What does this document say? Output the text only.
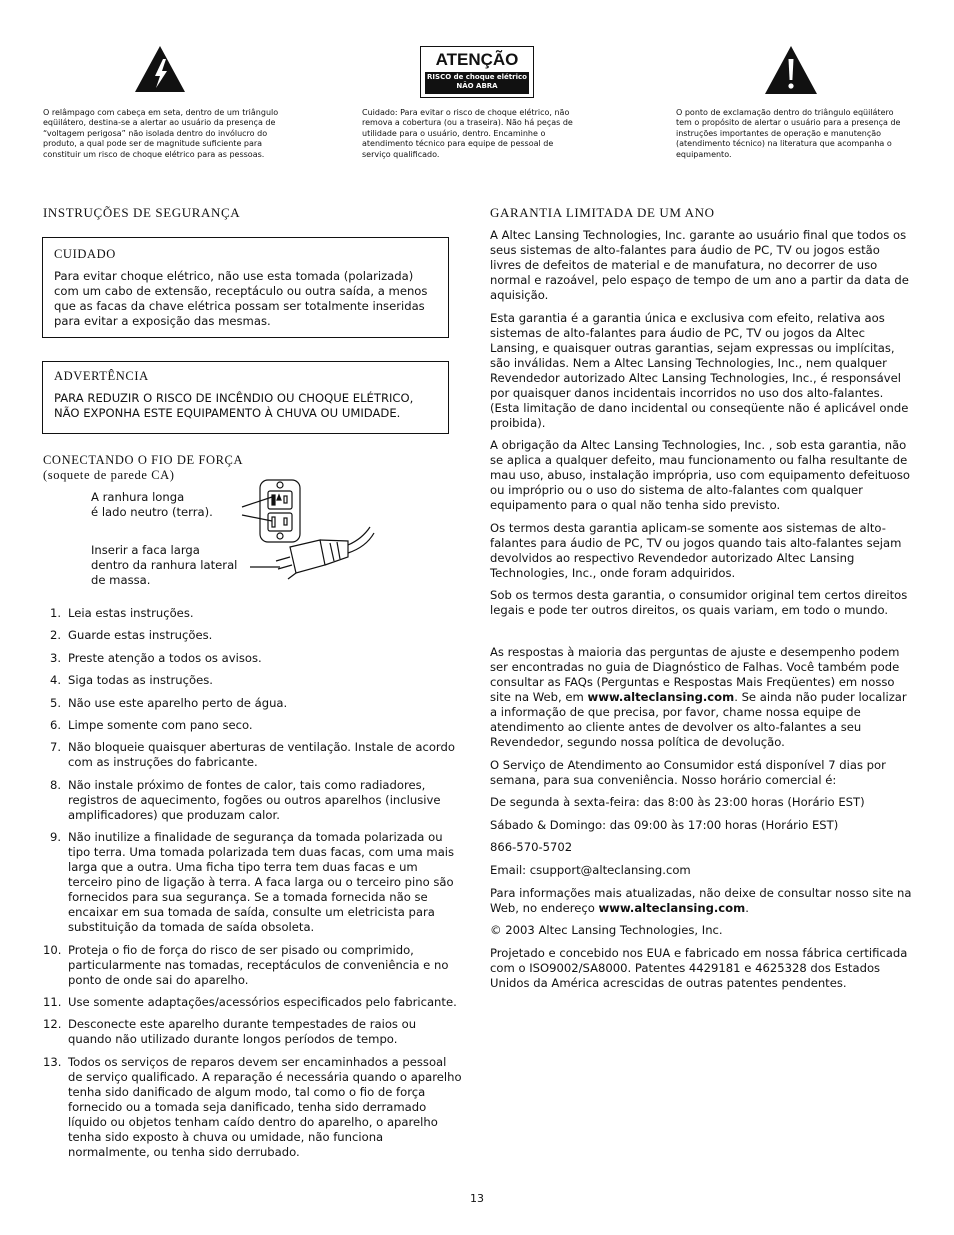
O relâmpago com cabeça em seta, dentro de um triângulo eqüilátero, destina-se a alertar ao usuário da presença de “voltagem perigosa” não isolada dentro do invólucro do produto, a qual pode ser de magnitude suficiente para constituir um risco de choque elétrico para as pessoas.
ATENÇÃO
RISCO de choque elétrico
NÃO ABRA
Cuidado: Para evitar o risco de choque elétrico, não remova a cobertura (ou a traseira). Não há peças de utilidade para o usuário, dentro. Encaminhe o atendimento técnico para equipe de pessoal de serviço qualificado.
O ponto de exclamação dentro do triângulo eqüilátero tem o propósito de alertar o usuário para a presença de instruções importantes de operação e manutenção (atendimento técnico) na literatura que acompanha o equipamento.
INSTRUÇÕES DE SEGURANÇA
CUIDADO
Para evitar choque elétrico, não use esta tomada (polarizada) com um cabo de extensão, receptáculo ou outra saída, a menos que as facas da chave elétrica possam ser totalmente inseridas para evitar a exposição das mesmas.
ADVERTÊNCIA
PARA REDUZIR O RISCO DE INCÊNDIO OU CHOQUE ELÉTRICO, NÃO EXPONHA ESTE EQUIPAMENTO À CHUVA OU UMIDADE.
CONECTANDO O FIO DE FORÇA
(soquete de parede CA)
A ranhura longa
é lado neutro (terra).
Inserir a faca larga
dentro da ranhura lateral
de massa.
1. Leia estas instruções.
2. Guarde estas instruções.
3. Preste atenção a todos os avisos.
4. Siga todas as instruções.
5. Não use este aparelho perto de água.
6. Limpe somente com pano seco.
7. Não bloqueie quaisquer aberturas de ventilação. Instale de acordo com as instruções do fabricante.
8. Não instale próximo de fontes de calor, tais como radiadores, registros de aquecimento, fogões ou outros aparelhos (inclusive amplificadores) que produzam calor.
9. Não inutilize a finalidade de segurança da tomada polarizada ou tipo terra. Uma tomada polarizada tem duas facas, com uma mais larga que a outra. Uma ficha tipo terra tem duas facas e um terceiro pino de ligação à terra. A faca larga ou o terceiro pino são fornecidos para sua segurança. Se a tomada fornecida não se encaixar em sua tomada de saída, consulte um eletricista para substituição da tomada de saída obsoleta.
10. Proteja o fio de força do risco de ser pisado ou comprimido, particularmente nas tomadas, receptáculos de conveniência e no ponto de onde sai do aparelho.
11. Use somente adaptações/acessórios especificados pelo fabricante.
12. Desconecte este aparelho durante tempestades de raios ou quando não utilizado durante longos períodos de tempo.
13. Todos os serviços de reparos devem ser encaminhados a pessoal de serviço qualificado. A reparação é necessária quando o aparelho tenha sido danificado de algum modo, tal como o fio de força fornecido ou a tomada seja danificado, tenha sido derramado líquido ou objetos tenham caído dentro do aparelho, o aparelho tenha sido exposto à chuva ou umidade, não funciona normalmente, ou tenha sido derrubado.
GARANTIA LIMITADA DE UM ANO

A Altec Lansing Technologies, Inc. garante ao usuário final que todos os seus sistemas de alto-falantes para áudio de PC, TV ou jogos estão livres de defeitos de material e de manufatura, no decorrer de uso normal e razoável, pelo espaço de tempo de um ano a partir da data de aquisição.

Esta garantia é a garantia única e exclusiva com efeito, relativa aos sistemas de alto-falantes para áudio de PC, TV ou jogos da Altec Lansing, e quaisquer outras garantias, sejam expressas ou implícitas, são inválidas. Nem a Altec Lansing Technologies, Inc., nem qualquer Revendedor autorizado Altec Lansing Technologies, Inc., é responsável por quaisquer danos incidentais incorridos no uso dos alto-falantes. (Esta limitação de dano incidental ou conseqüente não é aplicável onde proibida).

A obrigação da Altec Lansing Technologies, Inc. , sob esta garantia, não se aplica a qualquer defeito, mau funcionamento ou falha resultante de mau uso, abuso, instalação imprópria, uso com equipamento defeituoso ou impróprio ou o uso do sistema de alto-falantes com qualquer equipamento para o qual não tenha sido previsto.

Os termos desta garantia aplicam-se somente aos sistemas de alto-falantes para áudio de PC, TV ou jogos quando tais alto-falantes sejam devolvidos ao respectivo Revendedor autorizado Altec Lansing Technologies, Inc., onde foram adquiridos.

Sob os termos desta garantia, o consumidor original tem certos direitos legais e pode ter outros direitos, os quais variam, em todo o mundo.

As respostas à maioria das perguntas de ajuste e desempenho podem ser encontradas no guia de Diagnóstico de Falhas. Você também pode consultar as FAQs (Perguntas e Respostas Mais Freqüentes) em nosso site na Web, em www.alteclansing.com. Se ainda não puder localizar a informação de que precisa, por favor, chame nossa equipe de atendimento ao cliente antes de devolver os alto-falantes a seu Revendedor, segundo nossa política de devolução.

O Serviço de Atendimento ao Consumidor está disponível 7 dias por semana, para sua conveniência. Nosso horário comercial é:

De segunda à sexta-feira: das 8:00 às 23:00 horas (Horário EST)

Sábado & Domingo: das 09:00 às 17:00 horas (Horário EST)

866-570-5702

Email: csupport@alteclansing.com

Para informações mais atualizadas, não deixe de consultar nosso site na Web, no endereço www.alteclansing.com.

© 2003 Altec Lansing Technologies, Inc.

Projetado e concebido nos EUA e fabricado em nossa fábrica certificada com o ISO9002/SA8000. Patentes 4429181 e 4625328 dos Estados Unidos da América acrescidas de outras patentes pendentes.

13
